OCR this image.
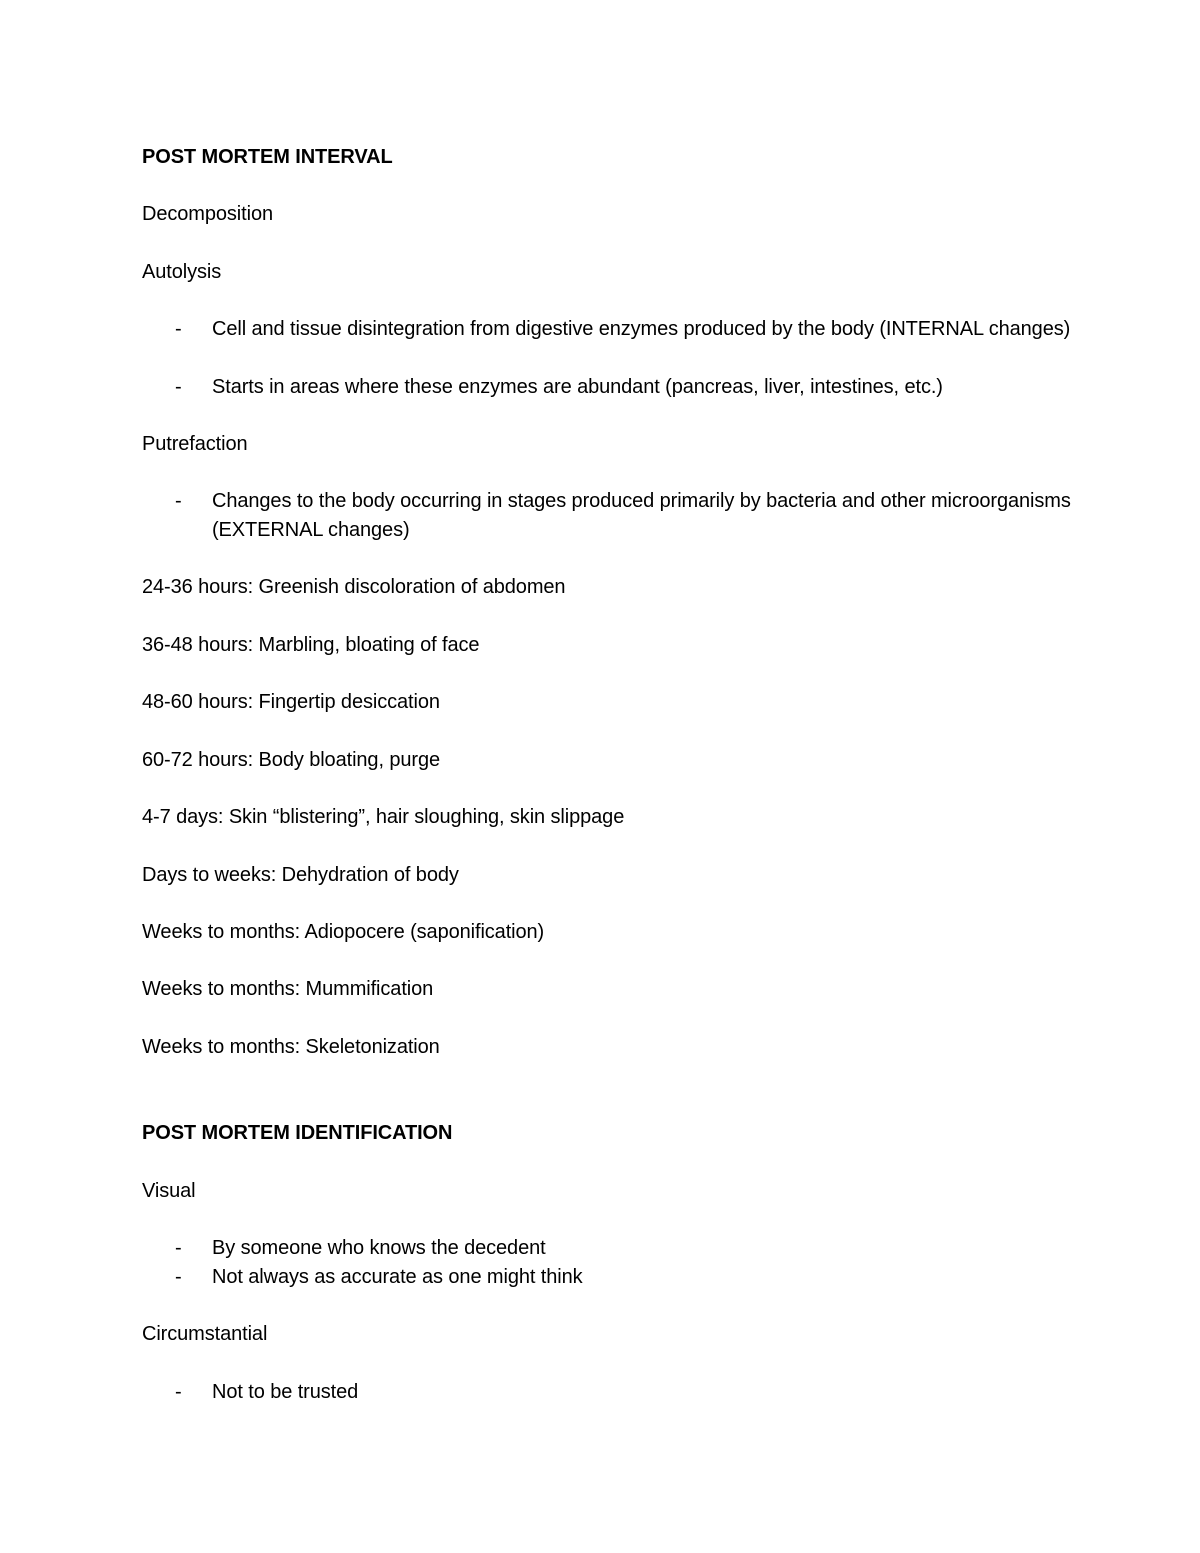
POST MORTEM INTERVAL
Decomposition
Autolysis
- Cell and tissue disintegration from digestive enzymes produced by the body (INTERNAL changes)
- Starts in areas where these enzymes are abundant (pancreas, liver, intestines, etc.)
Putrefaction
- Changes to the body occurring in stages produced primarily by bacteria and other microorganisms (EXTERNAL changes)
24-36 hours: Greenish discoloration of abdomen
36-48 hours: Marbling, bloating of face
48-60 hours: Fingertip desiccation
60-72 hours: Body bloating, purge
4-7 days: Skin “blistering”, hair sloughing, skin slippage
Days to weeks: Dehydration of body
Weeks to months: Adiopocere (saponification)
Weeks to months: Mummification
Weeks to months: Skeletonization
POST MORTEM IDENTIFICATION
Visual
- By someone who knows the decedent
- Not always as accurate as one might think
Circumstantial
- Not to be trusted
